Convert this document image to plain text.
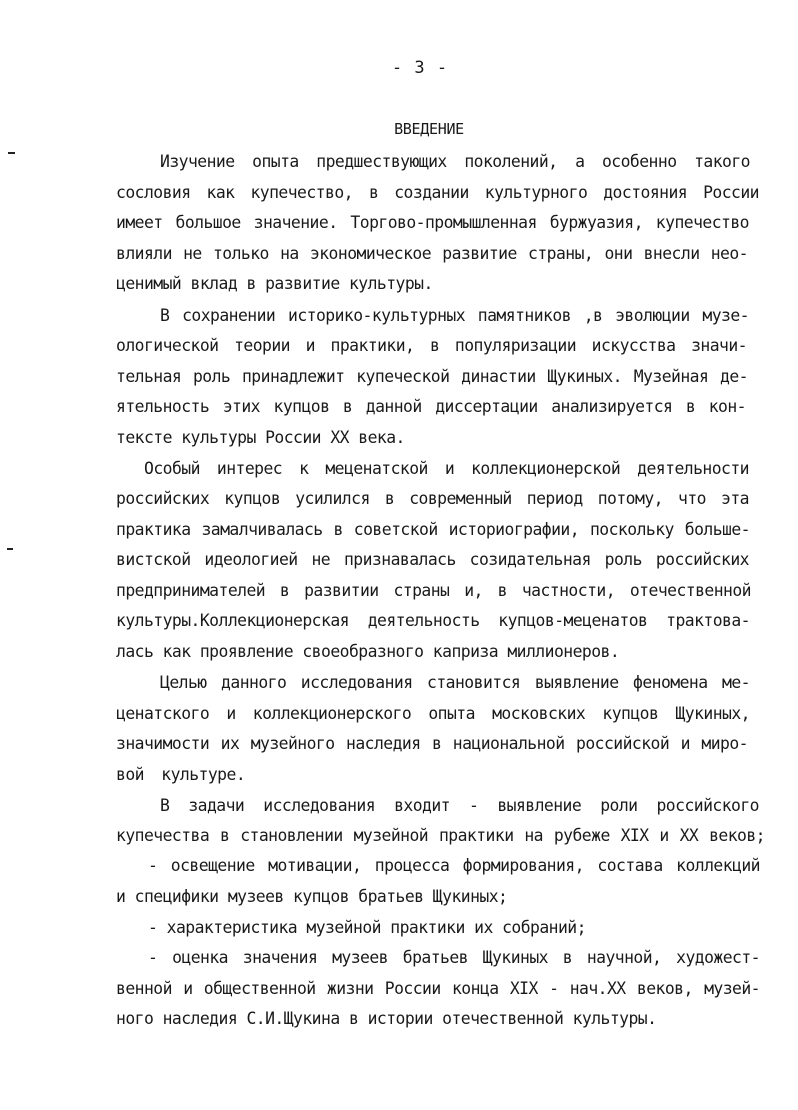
- 3 -
ВВЕДЕНИЕ
Изучение опыта предшествующих поколений, а особенно такого
сословия как купечество, в создании культурного достояния России
имеет большое значение. Торгово-промышленная буржуазия, купечество
влияли не только на экономическое развитие страны, они внесли нео-
ценимый вклад в развитие культуры.
В сохранении историко-культурных памятников ,в эволюции музе-
ологической теории и практики, в популяризации искусства значи-
тельная роль принадлежит купеческой династии Щукиных. Музейная де-
ятельность этих купцов в данной диссертации анализируется в кон-
тексте культуры России XX века.
Особый интерес к меценатской и коллекционерской деятельности
российских купцов усилился в современный период потому, что эта
практика замалчивалась в советской историографии, поскольку больше-
вистской идеологией не признавалась созидательная роль российских
предпринимателей в развитии страны и, в частности, отечественной
культуры.Коллекционерская деятельность купцов-меценатов трактова-
лась как проявление своеобразного каприза миллионеров.
Целью данного исследования становится выявление феномена ме-
ценатского и коллекционерского опыта московских купцов Щукиных,
значимости их музейного наследия в национальной российской и миро-
вой культуре.
В задачи исследования входит - выявление роли российского
купечества в становлении музейной практики на рубеже XIX и XX веков;
- освещение мотивации, процесса формирования, состава коллекций
и специфики музеев купцов братьев Щукиных;
- характеристика музейной практики их собраний;
- оценка значения музеев братьев Щукиных в научной, художест-
венной и общественной жизни России конца XIX - нач.XX веков, музей-
ного наследия С.И.Щукина в истории отечественной культуры.
